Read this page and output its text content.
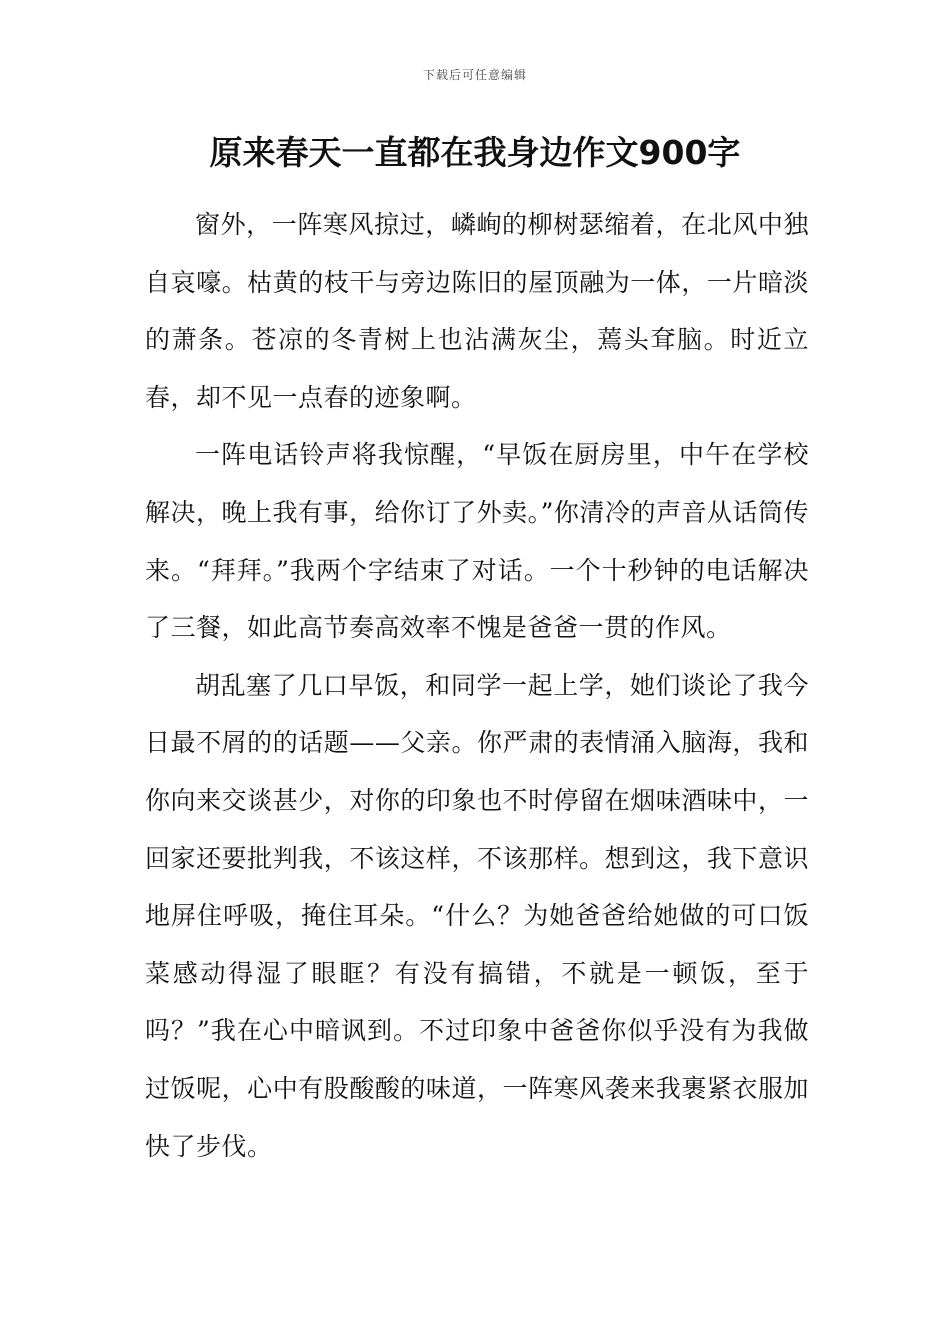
下载后可任意编辑
原来春天一直都在我身边作文900字

窗外，一阵寒风掠过，嶙峋的柳树瑟缩着，在北风中独自哀嚎。枯黄的枝干与旁边陈旧的屋顶融为一体，一片暗淡的萧条。苍凉的冬青树上也沾满灰尘，蔫头耷脑。时近立春，却不见一点春的迹象啊。

一阵电话铃声将我惊醒，“早饭在厨房里，中午在学校解决，晚上我有事，给你订了外卖。”你清冷的声音从话筒传来。“拜拜。”我两个字结束了对话。一个十秒钟的电话解决了三餐，如此高节奏高效率不愧是爸爸一贯的作风。

胡乱塞了几口早饭，和同学一起上学，她们谈论了我今日最不屑的的话题——父亲。你严肃的表情涌入脑海，我和你向来交谈甚少，对你的印象也不时停留在烟味酒味中，一回家还要批判我，不该这样，不该那样。想到这，我下意识地屏住呼吸，掩住耳朵。“什么？为她爸爸给她做的可口饭菜感动得湿了眼眶？有没有搞错，不就是一顿饭，至于吗？”我在心中暗讽到。不过印象中爸爸你似乎没有为我做过饭呢，心中有股酸酸的味道，一阵寒风袭来我裹紧衣服加快了步伐。
